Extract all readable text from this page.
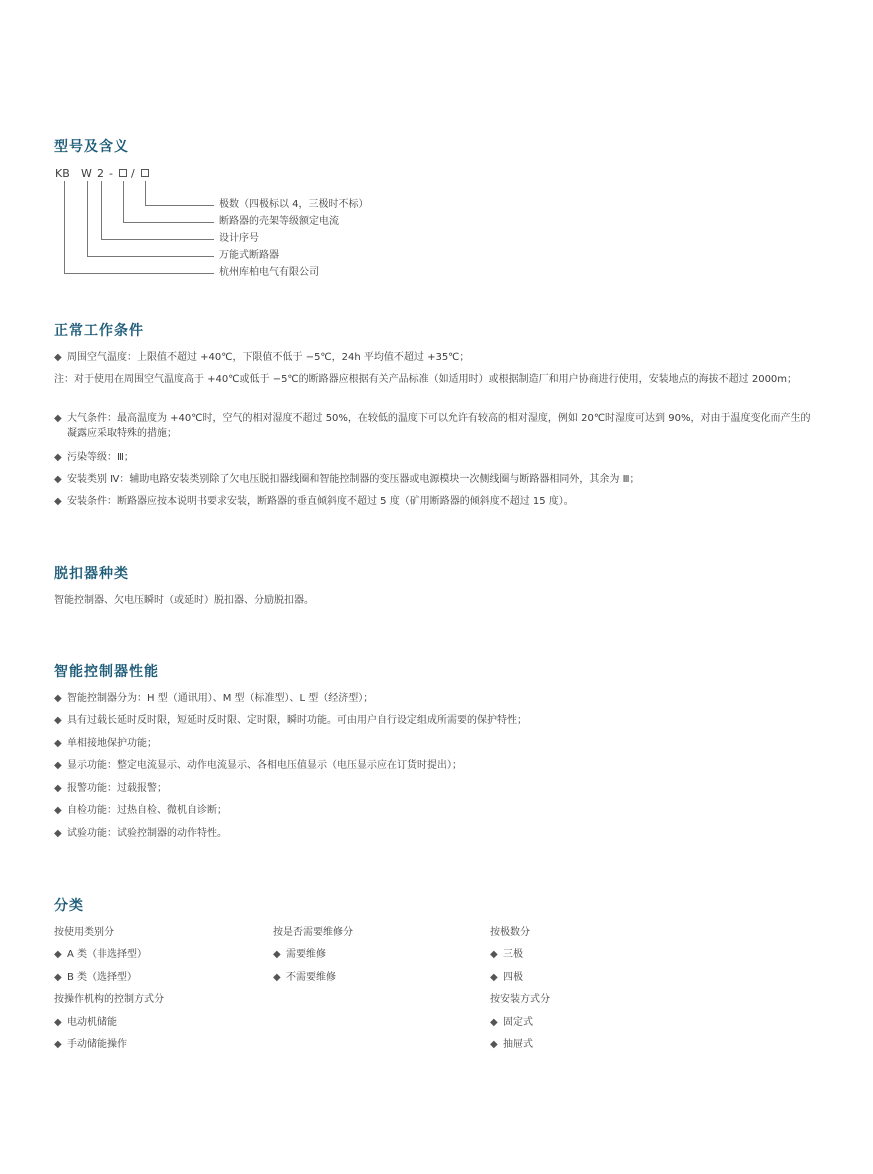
型号及含义
KB W 2 - /
极数（四极标以 4，三极时不标）
断路器的壳架等级额定电流
设计序号
万能式断路器
杭州库柏电气有限公司
正常工作条件
◆ 周围空气温度：上限值不超过 +40℃，下限值不低于 −5℃，24h 平均值不超过 +35℃；
注：对于使用在周围空气温度高于 +40℃或低于 −5℃的断路器应根据有关产品标准（如适用时）或根据制造厂和用户协商进行使用，安装地点的海拔不超过 2000m；
◆ 大气条件：最高温度为 +40℃时，空气的相对湿度不超过 50%，在较低的温度下可以允许有较高的相对湿度，例如 20℃时湿度可达到 90%，对由于温度变化而产生的凝露应采取特殊的措施；
◆ 污染等级：Ⅲ；
◆ 安装类别 Ⅳ：辅助电路安装类别除了欠电压脱扣器线圈和智能控制器的变压器或电源模块一次侧线圈与断路器相同外，其余为 Ⅲ；
◆ 安装条件：断路器应按本说明书要求安装，断路器的垂直倾斜度不超过 5 度（矿用断路器的倾斜度不超过 15 度）。
脱扣器种类
智能控制器、欠电压瞬时（或延时）脱扣器、分励脱扣器。
智能控制器性能
◆ 智能控制器分为：H 型（通讯用）、M 型（标准型）、L 型（经济型）；
◆ 具有过载长延时反时限，短延时反时限、定时限，瞬时功能。可由用户自行设定组成所需要的保护特性；
◆ 单相接地保护功能；
◆ 显示功能：整定电流显示、动作电流显示、各相电压值显示（电压显示应在订货时提出）；
◆ 报警功能：过载报警；
◆ 自检功能：过热自检、微机自诊断；
◆ 试验功能：试验控制器的动作特性。
分类
按使用类别分
◆ A 类（非选择型）
◆ B 类（选择型）
按操作机构的控制方式分
◆ 电动机储能
◆ 手动储能操作
按是否需要维修分
◆ 需要维修
◆ 不需要维修
按极数分
◆ 三极
◆ 四极
按安装方式分
◆ 固定式
◆ 抽屉式
